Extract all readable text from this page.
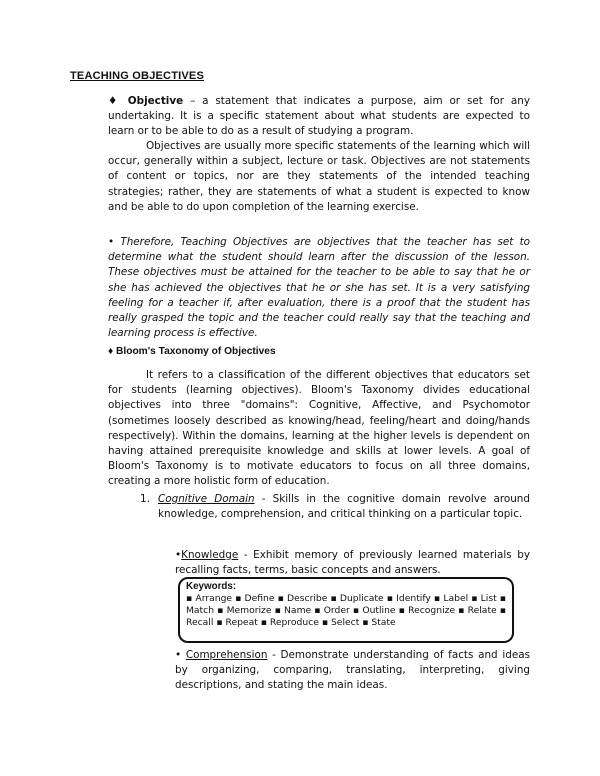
TEACHING OBJECTIVES

♦ Objective – a statement that indicates a purpose, aim or set for any undertaking. It is a specific statement about what students are expected to learn or to be able to do as a result of studying a program.

Objectives are usually more specific statements of the learning which will occur, generally within a subject, lecture or task. Objectives are not statements of content or topics, nor are they statements of the intended teaching strategies; rather, they are statements of what a student is expected to know and be able to do upon completion of the learning exercise.

• Therefore, Teaching Objectives are objectives that the teacher has set to determine what the student should learn after the discussion of the lesson. These objectives must be attained for the teacher to be able to say that he or she has achieved the objectives that he or she has set. It is a very satisfying feeling for a teacher if, after evaluation, there is a proof that the student has really grasped the topic and the teacher could really say that the teaching and learning process is effective.

♦ Bloom's Taxonomy of Objectives

It refers to a classification of the different objectives that educators set for students (learning objectives). Bloom's Taxonomy divides educational objectives into three "domains": Cognitive, Affective, and Psychomotor (sometimes loosely described as knowing/head, feeling/heart and doing/hands respectively). Within the domains, learning at the higher levels is dependent on having attained prerequisite knowledge and skills at lower levels. A goal of Bloom's Taxonomy is to motivate educators to focus on all three domains, creating a more holistic form of education.

1. Cognitive Domain - Skills in the cognitive domain revolve around knowledge, comprehension, and critical thinking on a particular topic.

•Knowledge - Exhibit memory of previously learned materials by recalling facts, terms, basic concepts and answers.

Keywords:

▪ Arrange ▪ Define ▪ Describe ▪ Duplicate ▪ Identify ▪ Label ▪ List ▪ Match ▪ Memorize ▪ Name ▪ Order ▪ Outline ▪ Recognize ▪ Relate ▪ Recall ▪ Repeat ▪ Reproduce ▪ Select ▪ State

• Comprehension - Demonstrate understanding of facts and ideas by organizing, comparing, translating, interpreting, giving descriptions, and stating the main ideas.
